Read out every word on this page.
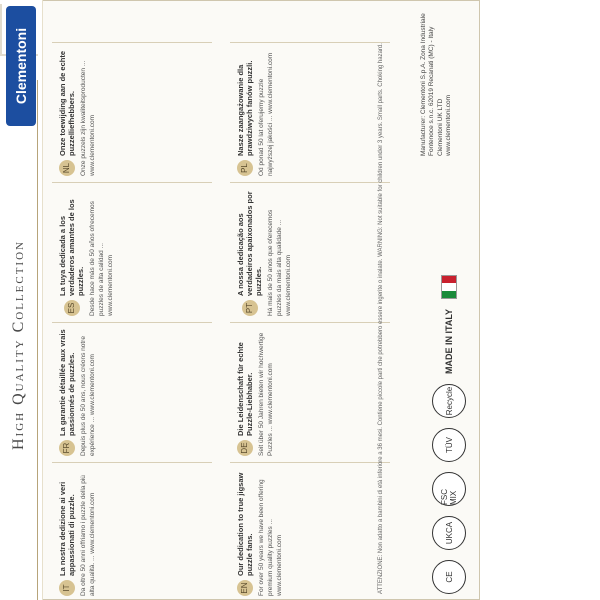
High Quality Collection
Clementoni
ITLa nostra dedizione ai veri appassionati di puzzle. Da oltre 50 anni offriamo i puzzle della più alta qualità. ... www.clementoni.com
FRLa garantie détaillée aux vrais passionnés de puzzles. Depuis plus de 50 ans, nous créons notre expérience ... www.clementoni.com
ESLa tuya dedicada a los verdaderos amantes de los puzzles. Desde hace más de 50 años ofrecemos puzzles de alta calidad ... www.clementoni.com
NLOnze toewijding aan de echte puzzelliefhebbers. Onze puzzels zijn kwaliteitsproducten ... www.clementoni.com
ENOur dedication to true jigsaw puzzle fans. For over 50 years we have been offering premium quality puzzles ... www.clementoni.com
DEDie Leidenschaft für echte Puzzle-Liebhaber. Seit über 50 Jahren bieten wir hochwertige Puzzles ... www.clementoni.com
PTA nossa dedicação aos verdadeiros apaixonados por puzzles. Há mais de 50 anos que oferecemos puzzles da mais alta qualidade ... www.clementoni.com
PLNasze zaangażowanie dla prawdziwych fanów puzzli. Od ponad 50 lat oferujemy puzzle najwyższej jakości ... www.clementoni.com	ATTENZIONE: Non adatto a bambini di età inferiore a 36 mesi. Contiene piccole parti che potrebbero essere ingerite o inalate. WARNING: Not suitable for children under 3 years. Small parts. Choking hazard.	CE
UKCA
FSC MIX
TÜV
Recycle
MADE IN ITALY
Manufacturer: Clementoni S.p.A. Zona Industriale Fontenoce s.n.c. 62019 Recanati (MC) - Italy Clementoni UK LTD www.clementoni.com
